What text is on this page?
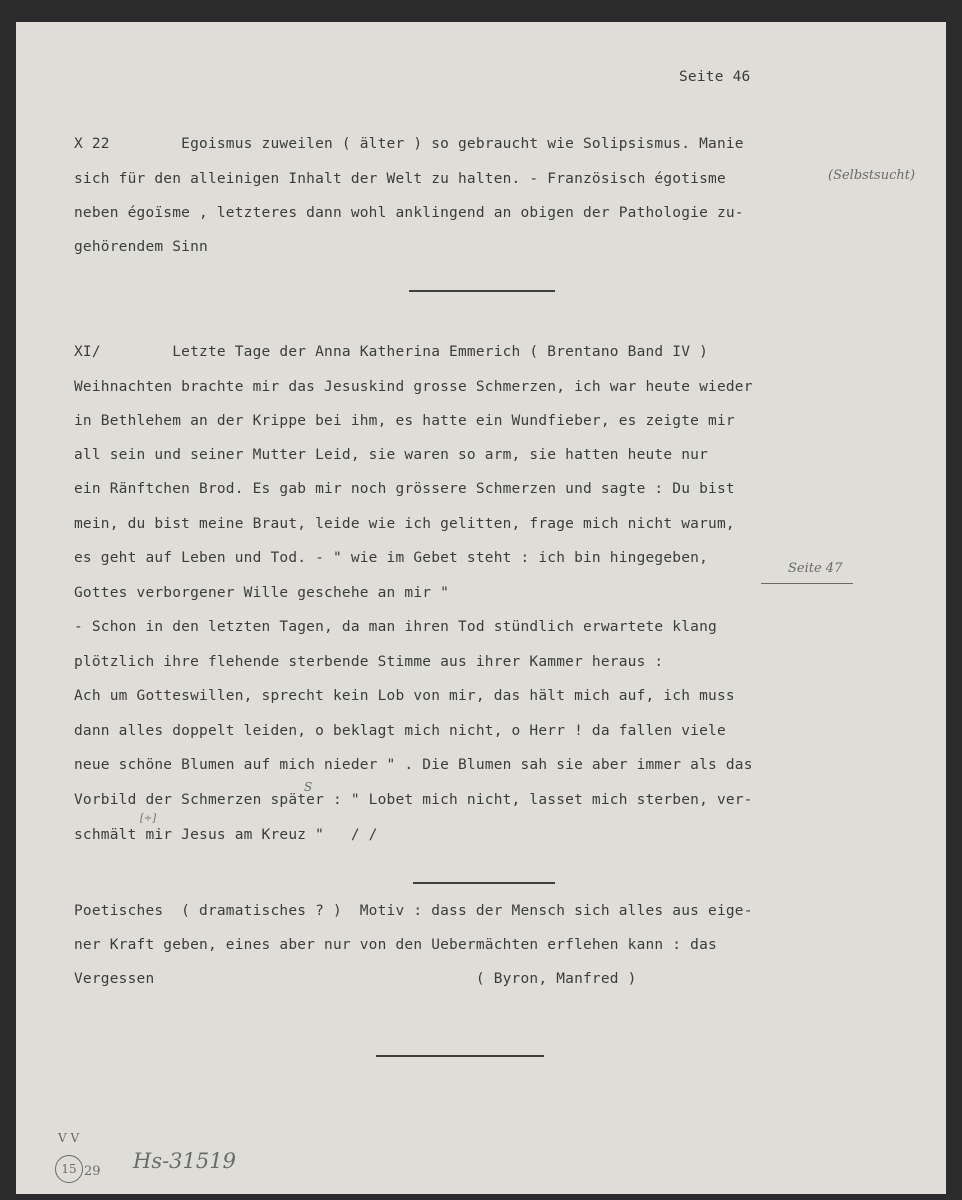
Seite 46
X 22        Egoismus zuweilen ( älter ) so gebraucht wie Solipsismus. Manie
sich für den alleinigen Inhalt der Welt zu halten. - Französisch égotisme
neben égoïsme , letzteres dann wohl anklingend an obigen der Pathologie zu-
gehörendem Sinn
(Selbstsucht)
XI/        Letzte Tage der Anna Katherina Emmerich ( Brentano Band IV )
Weihnachten brachte mir das Jesuskind grosse Schmerzen, ich war heute wieder
in Bethlehem an der Krippe bei ihm, es hatte ein Wundfieber, es zeigte mir
all sein und seiner Mutter Leid, sie waren so arm, sie hatten heute nur
ein Ränftchen Brod. Es gab mir noch grössere Schmerzen und sagte : Du bist
mein, du bist meine Braut, leide wie ich gelitten, frage mich nicht warum,
es geht auf Leben und Tod. - " wie im Gebet steht : ich bin hingegeben,
Seite 47
Gottes verborgener Wille geschehe an mir "
- Schon in den letzten Tagen, da man ihren Tod stündlich erwartete klang
plötzlich ihre flehende sterbende Stimme aus ihrer Kammer heraus :
Ach um Gotteswillen, sprecht kein Lob von mir, das hält mich auf, ich muss
dann alles doppelt leiden, o beklagt mich nicht, o Herr ! da fallen viele
neue schöne Blumen auf mich nieder " . Die Blumen sah sie aber immer als das
S
Vorbild der Schmerzen später : " Lobet mich nicht, lasset mich sterben, ver-
[÷]
schmält mir Jesus am Kreuz "   / /
Poetisches  ( dramatisches ? )  Motiv : dass der Mensch sich alles aus eige-
ner Kraft geben, eines aber nur von den Uebermächten erflehen kann : das
Vergessen                                    ( Byron, Manfred )
V V
15 29 Hs-31519
